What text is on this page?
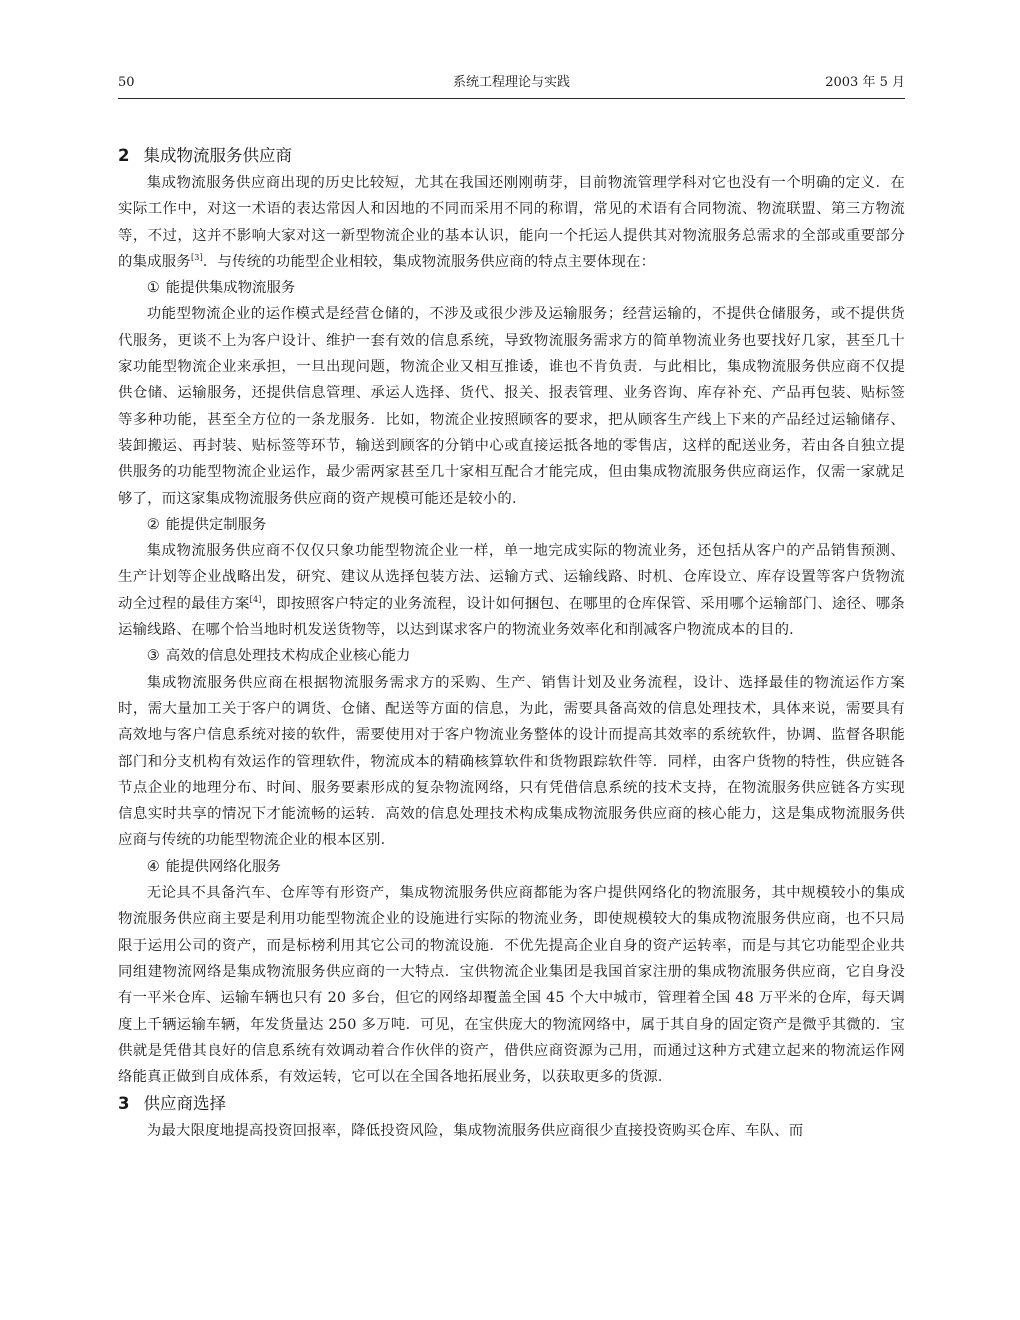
50	系统工程理论与实践	2003 年 5 月
2 集成物流服务供应商

集成物流服务供应商出现的历史比较短，尤其在我国还刚刚萌芽，目前物流管理学科对它也没有一个明确的定义．在实际工作中，对这一术语的表达常因人和因地的不同而采用不同的称谓，常见的术语有合同物流、物流联盟、第三方物流等，不过，这并不影响大家对这一新型物流企业的基本认识，能向一个托运人提供其对物流服务总需求的全部或重要部分的集成服务[3]．与传统的功能型企业相较，集成物流服务供应商的特点主要体现在：

① 能提供集成物流服务

功能型物流企业的运作模式是经营仓储的，不涉及或很少涉及运输服务；经营运输的，不提供仓储服务，或不提供货代服务，更谈不上为客户设计、维护一套有效的信息系统，导致物流服务需求方的简单物流业务也要找好几家，甚至几十家功能型物流企业来承担，一旦出现问题，物流企业又相互推诿，谁也不肯负责．与此相比，集成物流服务供应商不仅提供仓储、运输服务，还提供信息管理、承运人选择、货代、报关、报表管理、业务咨询、库存补充、产品再包装、贴标签等多种功能，甚至全方位的一条龙服务．比如，物流企业按照顾客的要求，把从顾客生产线上下来的产品经过运输储存、装卸搬运、再封装、贴标签等环节，输送到顾客的分销中心或直接运抵各地的零售店，这样的配送业务，若由各自独立提供服务的功能型物流企业运作，最少需两家甚至几十家相互配合才能完成，但由集成物流服务供应商运作，仅需一家就足够了，而这家集成物流服务供应商的资产规模可能还是较小的．

② 能提供定制服务

集成物流服务供应商不仅仅只象功能型物流企业一样，单一地完成实际的物流业务，还包括从客户的产品销售预测、生产计划等企业战略出发，研究、建议从选择包装方法、运输方式、运输线路、时机、仓库设立、库存设置等客户货物流动全过程的最佳方案[4]，即按照客户特定的业务流程，设计如何捆包、在哪里的仓库保管、采用哪个运输部门、途径、哪条运输线路、在哪个恰当地时机发送货物等，以达到谋求客户的物流业务效率化和削减客户物流成本的目的．

③ 高效的信息处理技术构成企业核心能力

集成物流服务供应商在根据物流服务需求方的采购、生产、销售计划及业务流程，设计、选择最佳的物流运作方案时，需大量加工关于客户的调货、仓储、配送等方面的信息，为此，需要具备高效的信息处理技术，具体来说，需要具有高效地与客户信息系统对接的软件，需要使用对于客户物流业务整体的设计而提高其效率的系统软件，协调、监督各职能部门和分支机构有效运作的管理软件，物流成本的精确核算软件和货物跟踪软件等．同样，由客户货物的特性，供应链各节点企业的地理分布、时间、服务要素形成的复杂物流网络，只有凭借信息系统的技术支持，在物流服务供应链各方实现信息实时共享的情况下才能流畅的运转．高效的信息处理技术构成集成物流服务供应商的核心能力，这是集成物流服务供应商与传统的功能型物流企业的根本区别．

④ 能提供网络化服务

无论具不具备汽车、仓库等有形资产，集成物流服务供应商都能为客户提供网络化的物流服务，其中规模较小的集成物流服务供应商主要是利用功能型物流企业的设施进行实际的物流业务，即使规模较大的集成物流服务供应商，也不只局限于运用公司的资产，而是标榜利用其它公司的物流设施．不优先提高企业自身的资产运转率，而是与其它功能型企业共同组建物流网络是集成物流服务供应商的一大特点．宝供物流企业集团是我国首家注册的集成物流服务供应商，它自身没有一平米仓库、运输车辆也只有 20 多台，但它的网络却覆盖全国 45 个大中城市，管理着全国 48 万平米的仓库，每天调度上千辆运输车辆，年发货量达 250 多万吨．可见，在宝供庞大的物流网络中，属于其自身的固定资产是微乎其微的．宝供就是凭借其良好的信息系统有效调动着合作伙伴的资产，借供应商资源为己用，而通过这种方式建立起来的物流运作网络能真正做到自成体系，有效运转，它可以在全国各地拓展业务，以获取更多的货源．

3 供应商选择

为最大限度地提高投资回报率，降低投资风险，集成物流服务供应商很少直接投资购买仓库、车队、而
